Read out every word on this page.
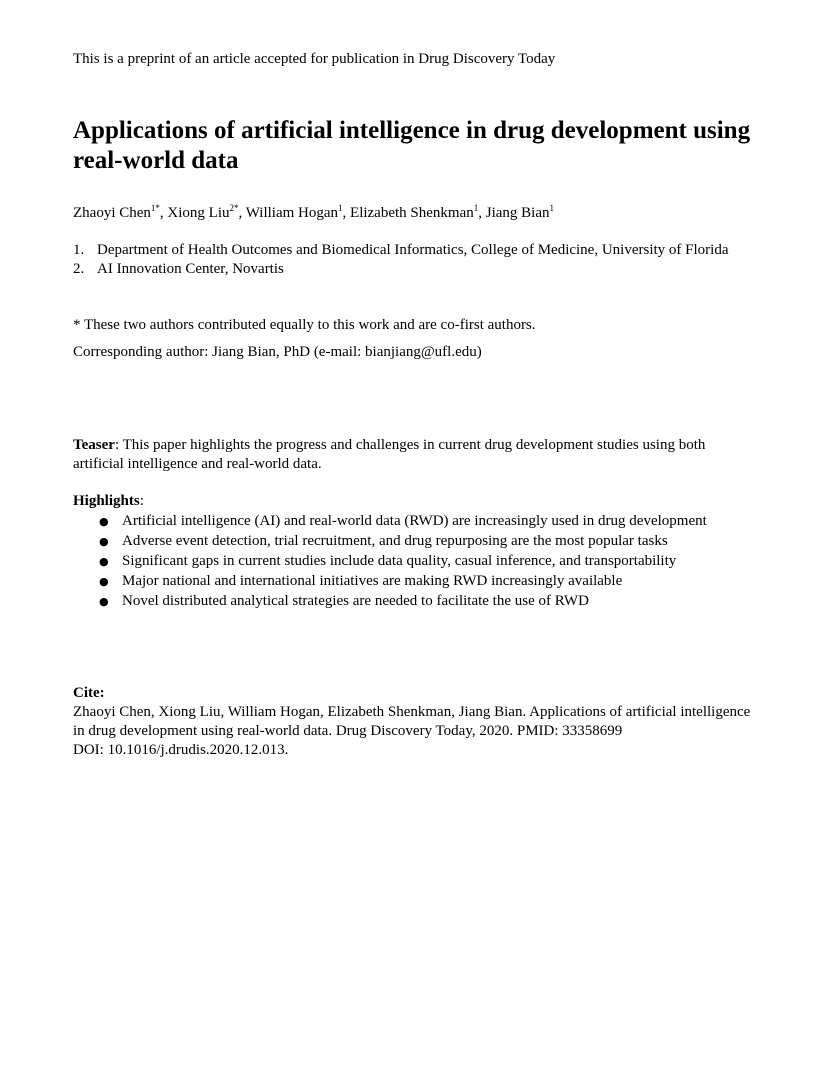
This is a preprint of an article accepted for publication in Drug Discovery Today
Applications of artificial intelligence in drug development using real-world data
Zhaoyi Chen$^{1*}$, Xiong Liu$^{2*}$, William Hogan$^1$, Elizabeth Shenkman$^1$, Jiang Bian$^1$
1. Department of Health Outcomes and Biomedical Informatics, College of Medicine, University of Florida
2. AI Innovation Center, Novartis
* These two authors contributed equally to this work and are co-first authors.
Corresponding author: Jiang Bian, PhD (e-mail: bianjiang@ufl.edu)
Teaser: This paper highlights the progress and challenges in current drug development studies using both artificial intelligence and real-world data.
Highlights:
● Artificial intelligence (AI) and real-world data (RWD) are increasingly used in drug development
● Adverse event detection, trial recruitment, and drug repurposing are the most popular tasks
● Significant gaps in current studies include data quality, casual inference, and transportability
● Major national and international initiatives are making RWD increasingly available
● Novel distributed analytical strategies are needed to facilitate the use of RWD
Cite:
Zhaoyi Chen, Xiong Liu, William Hogan, Elizabeth Shenkman, Jiang Bian. Applications of artificial intelligence in drug development using real-world data. Drug Discovery Today, 2020. PMID: 33358699
DOI: 10.1016/j.drudis.2020.12.013.
